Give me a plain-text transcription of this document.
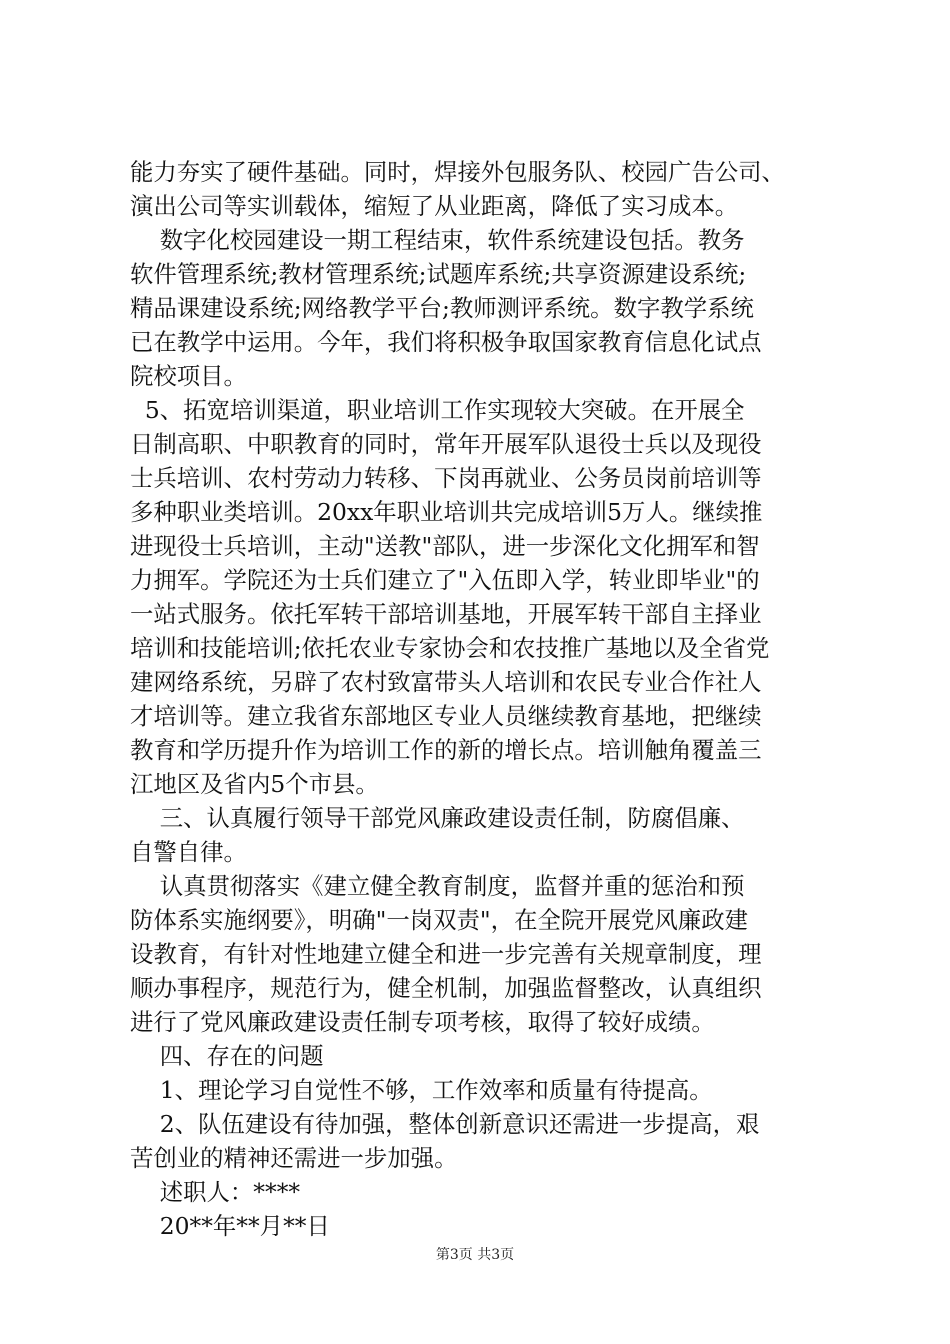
能力夯实了硬件基础。同时，焊接外包服务队、校园广告公司、
演出公司等实训载体，缩短了从业距离，降低了实习成本。
数字化校园建设一期工程结束，软件系统建设包括。教务
软件管理系统;教材管理系统;试题库系统;共享资源建设系统;
精品课建设系统;网络教学平台;教师测评系统。数字教学系统
已在教学中运用。今年，我们将积极争取国家教育信息化试点
院校项目。
5、拓宽培训渠道，职业培训工作实现较大突破。在开展全
日制高职、中职教育的同时，常年开展军队退役士兵以及现役
士兵培训、农村劳动力转移、下岗再就业、公务员岗前培训等
多种职业类培训。20xx年职业培训共完成培训5万人。继续推
进现役士兵培训，主动"送教"部队，进一步深化文化拥军和智
力拥军。学院还为士兵们建立了"入伍即入学，转业即毕业"的
一站式服务。依托军转干部培训基地，开展军转干部自主择业
培训和技能培训;依托农业专家协会和农技推广基地以及全省党
建网络系统，另辟了农村致富带头人培训和农民专业合作社人
才培训等。建立我省东部地区专业人员继续教育基地，把继续
教育和学历提升作为培训工作的新的增长点。培训触角覆盖三
江地区及省内5个市县。
三、认真履行领导干部党风廉政建设责任制，防腐倡廉、
自警自律。
认真贯彻落实《建立健全教育制度，监督并重的惩治和预
防体系实施纲要》，明确"一岗双责"，在全院开展党风廉政建
设教育，有针对性地建立健全和进一步完善有关规章制度，理
顺办事程序，规范行为，健全机制，加强监督整改，认真组织
进行了党风廉政建设责任制专项考核，取得了较好成绩。
四、存在的问题
1、理论学习自觉性不够，工作效率和质量有待提高。
2、队伍建设有待加强，整体创新意识还需进一步提高，艰
苦创业的精神还需进一步加强。
述职人：****
20**年**月**日
第3页 共3页
